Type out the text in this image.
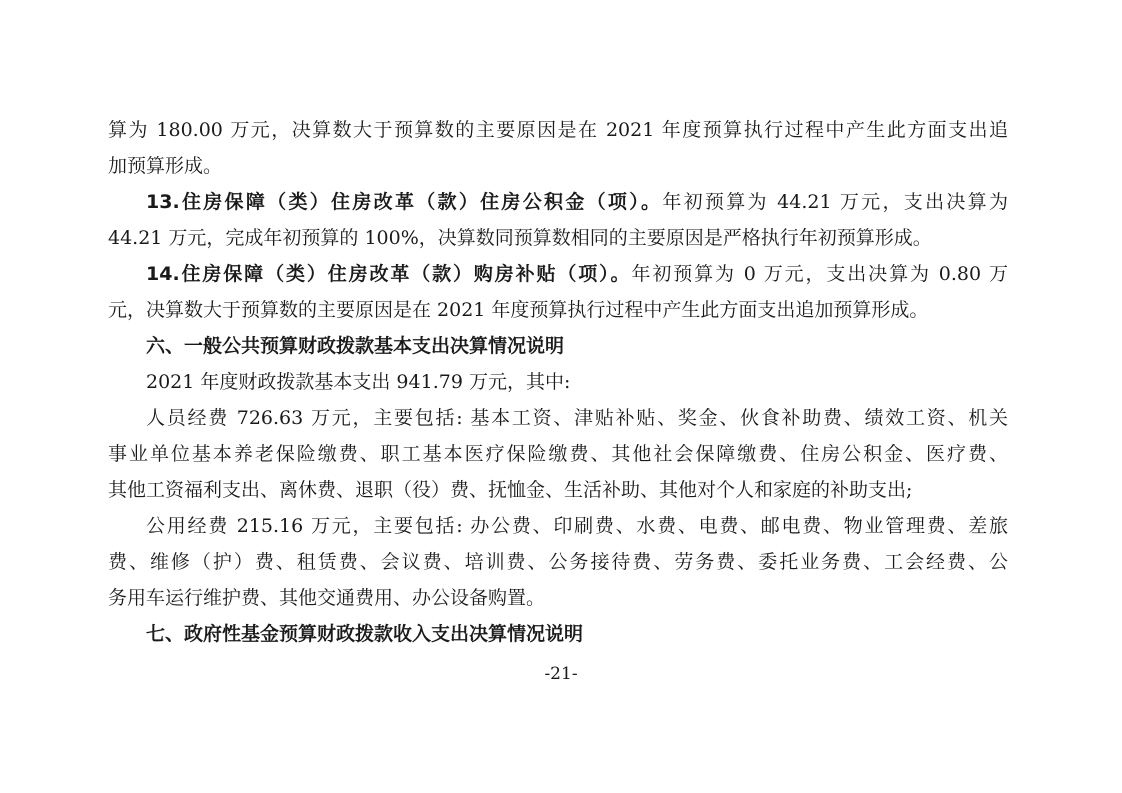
算为 180.00 万元，决算数大于预算数的主要原因是在 2021 年度预算执行过程中产生此方面支出追
加预算形成。
13.住房保障（类）住房改革（款）住房公积金（项）。年初预算为 44.21 万元，支出决算为
44.21 万元，完成年初预算的 100%，决算数同预算数相同的主要原因是严格执行年初预算形成。
14.住房保障（类）住房改革（款）购房补贴（项）。年初预算为 0 万元，支出决算为 0.80 万
元，决算数大于预算数的主要原因是在 2021 年度预算执行过程中产生此方面支出追加预算形成。
六、一般公共预算财政拨款基本支出决算情况说明
2021 年度财政拨款基本支出 941.79 万元，其中:
人员经费 726.63 万元，主要包括: 基本工资、津贴补贴、奖金、伙食补助费、绩效工资、机关
事业单位基本养老保险缴费、职工基本医疗保险缴费、其他社会保障缴费、住房公积金、医疗费、
其他工资福利支出、离休费、退职（役）费、抚恤金、生活补助、其他对个人和家庭的补助支出;
公用经费 215.16 万元，主要包括: 办公费、印刷费、水费、电费、邮电费、物业管理费、差旅
费、维修（护）费、租赁费、会议费、培训费、公务接待费、劳务费、委托业务费、工会经费、公
务用车运行维护费、其他交通费用、办公设备购置。
七、政府性基金预算财政拨款收入支出决算情况说明
-21-
